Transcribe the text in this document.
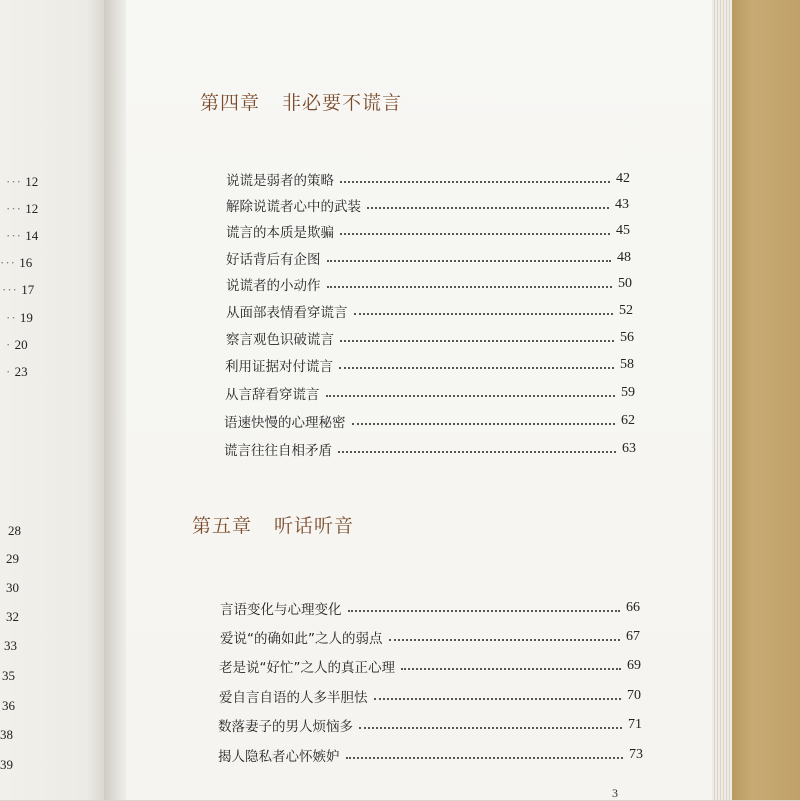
··· 12
··· 12
··· 14
··· 16
··· 17
·· 19
· 20
· 23
28
29
30
32
33
35
36
38
39
第四章 非必要不谎言
说谎是弱者的策略	42
解除说谎者心中的武装	43
谎言的本质是欺骗	45
好话背后有企图	48
说谎者的小动作	50
从面部表情看穿谎言	52
察言观色识破谎言	56
利用证据对付谎言	58
从言辞看穿谎言	59
语速快慢的心理秘密	62
谎言往往自相矛盾	63
第五章 听话听音
言语变化与心理变化	66
爱说“的确如此”之人的弱点	67
老是说“好忙”之人的真正心理	69
爱自言自语的人多半胆怯	70
数落妻子的男人烦恼多	71
揭人隐私者心怀嫉妒	73
3
